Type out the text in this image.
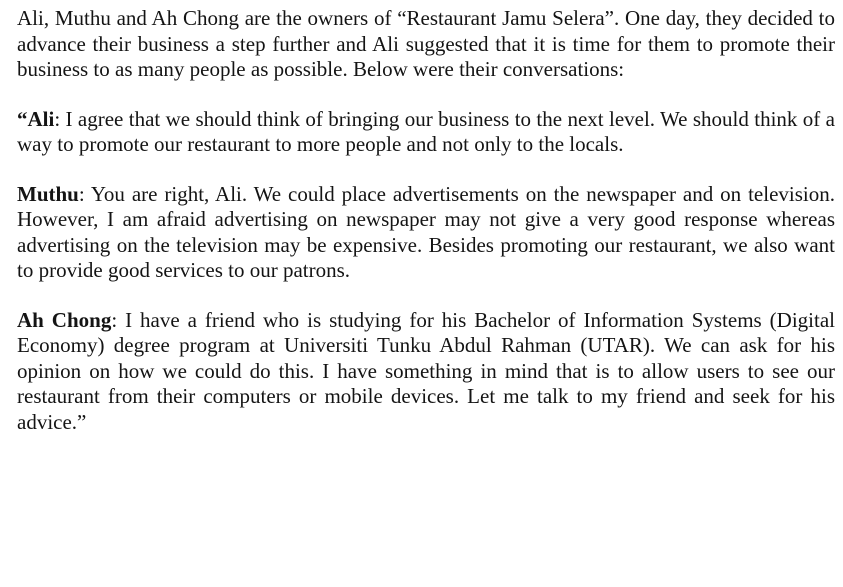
Ali, Muthu and Ah Chong are the owners of “Restaurant Jamu Selera”. One day, they decided to advance their business a step further and Ali suggested that it is time for them to promote their business to as many people as possible. Below were their conversations:

“Ali: I agree that we should think of bringing our business to the next level. We should think of a way to promote our restaurant to more people and not only to the locals.

Muthu: You are right, Ali. We could place advertisements on the newspaper and on television. However, I am afraid advertising on newspaper may not give a very good response whereas advertising on the television may be expensive. Besides promoting our restaurant, we also want to provide good services to our patrons.

Ah Chong: I have a friend who is studying for his Bachelor of Information Systems (Digital Economy) degree program at Universiti Tunku Abdul Rahman (UTAR). We can ask for his opinion on how we could do this. I have something in mind that is to allow users to see our restaurant from their computers or mobile devices. Let me talk to my friend and seek for his advice.”
